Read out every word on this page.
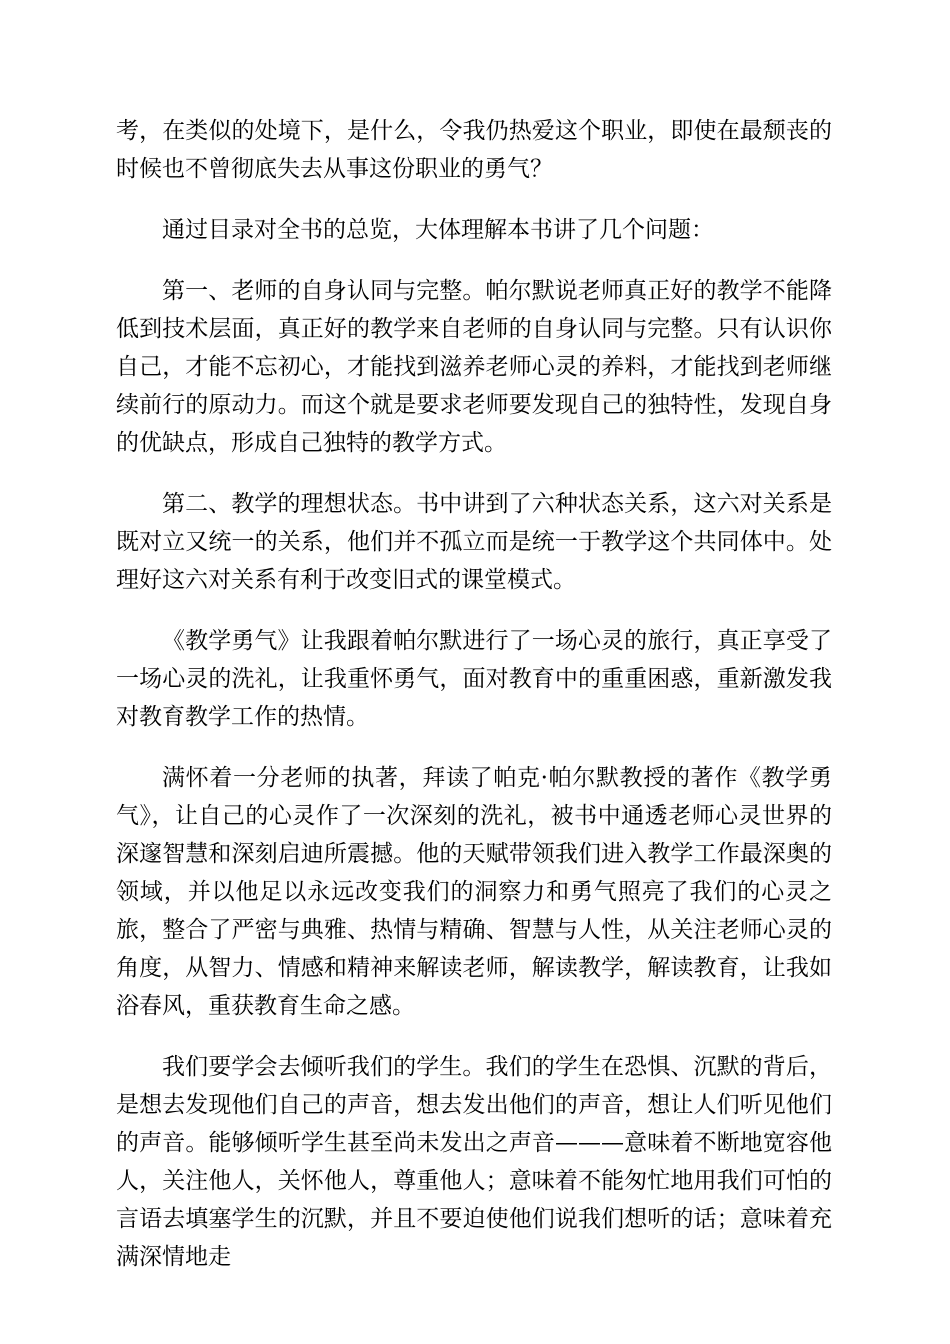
考，在类似的处境下，是什么，令我仍热爱这个职业，即使在最颓丧的时候也不曾彻底失去从事这份职业的勇气？

通过目录对全书的总览，大体理解本书讲了几个问题：

第一、老师的自身认同与完整。帕尔默说老师真正好的教学不能降低到技术层面，真正好的教学来自老师的自身认同与完整。只有认识你自己，才能不忘初心，才能找到滋养老师心灵的养料，才能找到老师继续前行的原动力。而这个就是要求老师要发现自己的独特性，发现自身的优缺点，形成自己独特的教学方式。

第二、教学的理想状态。书中讲到了六种状态关系，这六对关系是既对立又统一的关系，他们并不孤立而是统一于教学这个共同体中。处理好这六对关系有利于改变旧式的课堂模式。

《教学勇气》让我跟着帕尔默进行了一场心灵的旅行，真正享受了一场心灵的洗礼，让我重怀勇气，面对教育中的重重困惑，重新激发我对教育教学工作的热情。

满怀着一分老师的执著，拜读了帕克·帕尔默教授的著作《教学勇气》，让自己的心灵作了一次深刻的洗礼，被书中通透老师心灵世界的深邃智慧和深刻启迪所震撼。他的天赋带领我们进入教学工作最深奥的领域，并以他足以永远改变我们的洞察力和勇气照亮了我们的心灵之旅，整合了严密与典雅、热情与精确、智慧与人性，从关注老师心灵的角度，从智力、情感和精神来解读老师，解读教学，解读教育，让我如浴春风，重获教育生命之感。

我们要学会去倾听我们的学生。我们的学生在恐惧、沉默的背后，是想去发现他们自己的声音，想去发出他们的声音，想让人们听见他们的声音。能够倾听学生甚至尚未发出之声音———意味着不断地宽容他人，关注他人，关怀他人，尊重他人；意味着不能匆忙地用我们可怕的言语去填塞学生的沉默，并且不要迫使他们说我们想听的话；意味着充满深情地走
